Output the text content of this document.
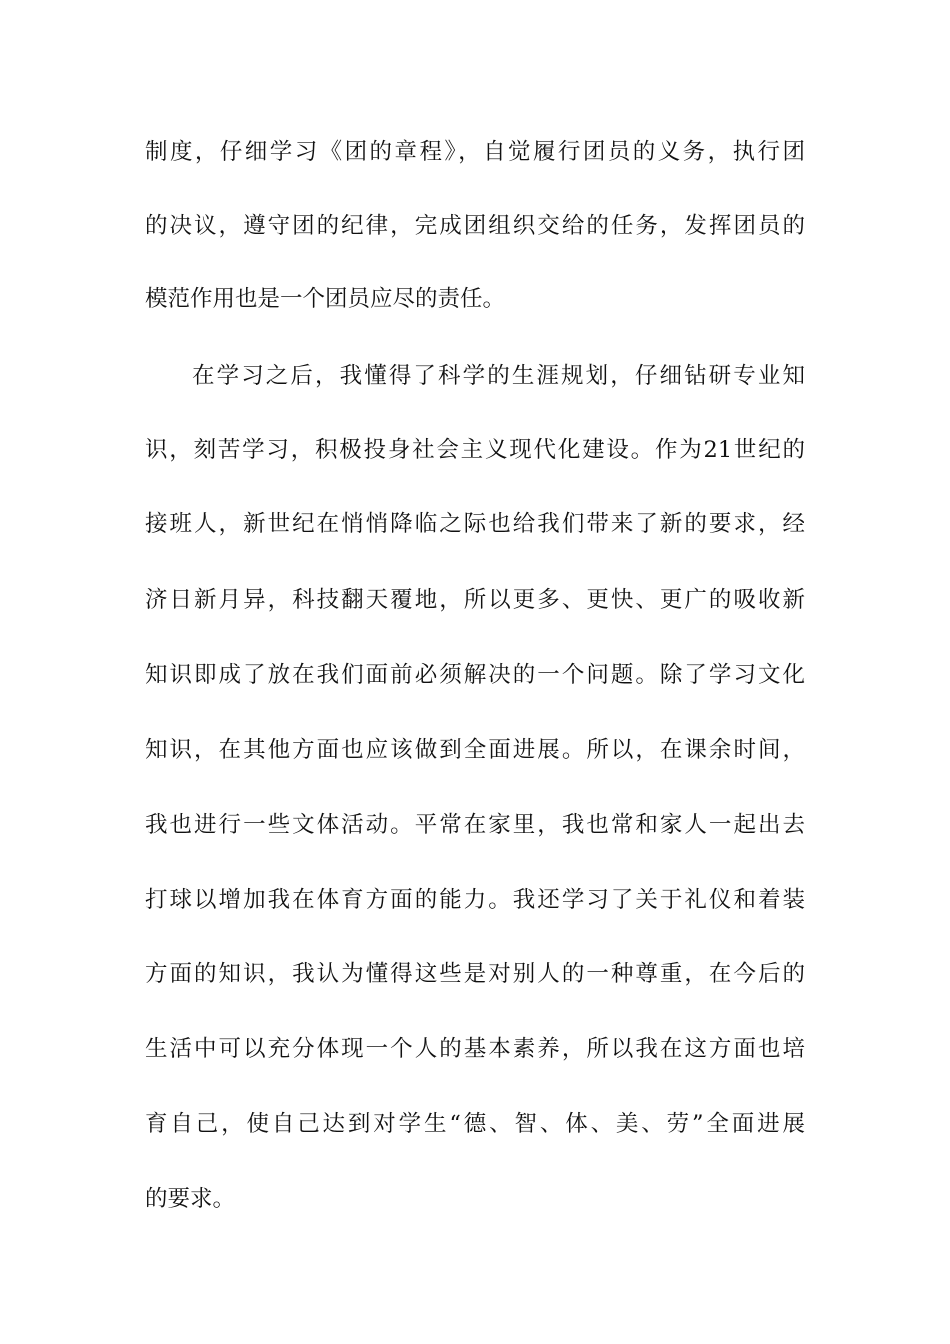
制度，仔细学习《团的章程》，自觉履行团员的义务，执行团
的决议，遵守团的纪律，完成团组织交给的任务，发挥团员的
模范作用也是一个团员应尽的责任。
在学习之后，我懂得了科学的生涯规划，仔细钻研专业知
识，刻苦学习，积极投身社会主义现代化建设。作为21世纪的
接班人，新世纪在悄悄降临之际也给我们带来了新的要求，经
济日新月异，科技翻天覆地，所以更多、更快、更广的吸收新
知识即成了放在我们面前必须解决的一个问题。除了学习文化
知识，在其他方面也应该做到全面进展。所以，在课余时间，
我也进行一些文体活动。平常在家里，我也常和家人一起出去
打球以增加我在体育方面的能力。我还学习了关于礼仪和着装
方面的知识，我认为懂得这些是对别人的一种尊重，在今后的
生活中可以充分体现一个人的基本素养，所以我在这方面也培
育自己，使自己达到对学生“德、智、体、美、劳”全面进展
的要求。
